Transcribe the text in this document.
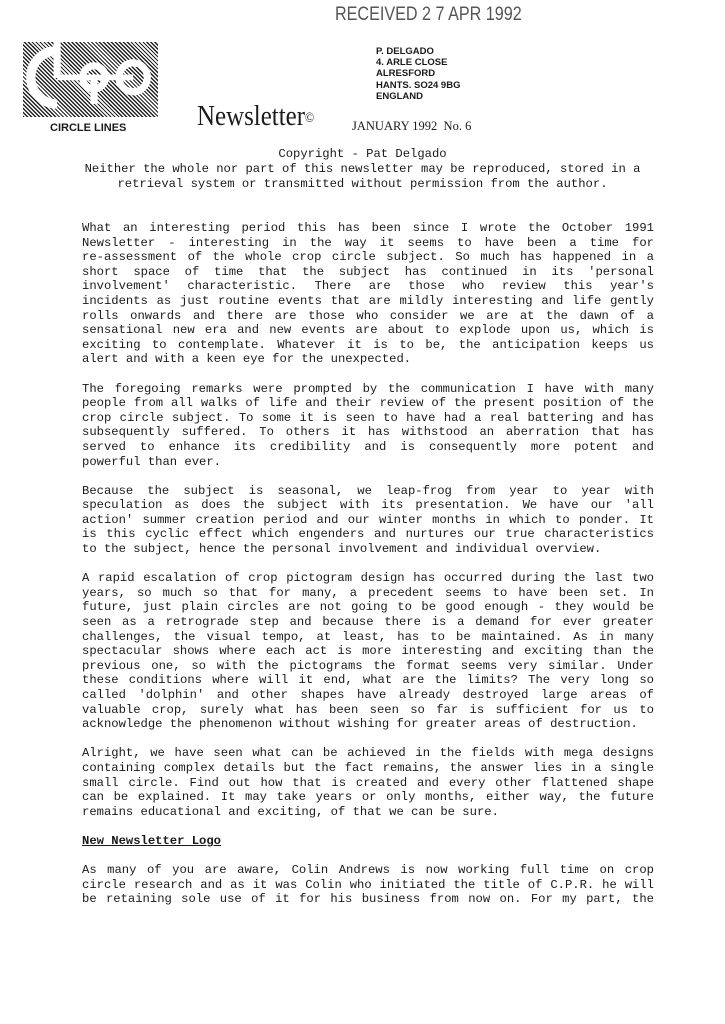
RECEIVED 2 7 APR 1992
CIRCLE LINES
P. DELGADO
4. ARLE CLOSE
ALRESFORD
HANTS. SO24 9BG
ENGLAND
Newsletter©	JANUARY 1992  No. 6
Copyright - Pat Delgado
Neither the whole nor part of this newsletter may be reproduced, stored in a
retrieval system or transmitted without permission from the author.
What an interesting period this has been since I wrote the October 1991
Newsletter - interesting in the way it seems to have been a time for
re-assessment of the whole crop circle subject. So much has happened in a
short space of time that the subject has continued in its 'personal
involvement' characteristic. There are those who review this year's
incidents as just routine events that are mildly interesting and life gently
rolls onwards and there are those who consider we are at the dawn of a
sensational new era and new events are about to explode upon us, which is
exciting to contemplate. Whatever it is to be, the anticipation keeps us
alert and with a keen eye for the unexpected.
The foregoing remarks were prompted by the communication I have with many
people from all walks of life and their review of the present position of the
crop circle subject. To some it is seen to have had a real battering and has
subsequently suffered. To others it has withstood an aberration that has
served to enhance its credibility and is consequently more potent and
powerful than ever.
Because the subject is seasonal, we leap-frog from year to year with
speculation as does the subject with its presentation. We have our 'all
action' summer creation period and our winter months in which to ponder. It
is this cyclic effect which engenders and nurtures our true characteristics
to the subject, hence the personal involvement and individual overview.
A rapid escalation of crop pictogram design has occurred during the last two
years, so much so that for many, a precedent seems to have been set. In
future, just plain circles are not going to be good enough - they would be
seen as a retrograde step and because there is a demand for ever greater
challenges, the visual tempo, at least, has to be maintained. As in many
spectacular shows where each act is more interesting and exciting than the
previous one, so with the pictograms the format seems very similar. Under
these conditions where will it end, what are the limits? The very long so
called 'dolphin' and other shapes have already destroyed large areas of
valuable crop, surely what has been seen so far is sufficient for us to
acknowledge the phenomenon without wishing for greater areas of destruction.
Alright, we have seen what can be achieved in the fields with mega designs
containing complex details but the fact remains, the answer lies in a single
small circle. Find out how that is created and every other flattened shape
can be explained. It may take years or only months, either way, the future
remains educational and exciting, of that we can be sure.
New Newsletter Logo
As many of you are aware, Colin Andrews is now working full time on crop
circle research and as it was Colin who initiated the title of C.P.R. he will
be retaining sole use of it for his business from now on. For my part, the
